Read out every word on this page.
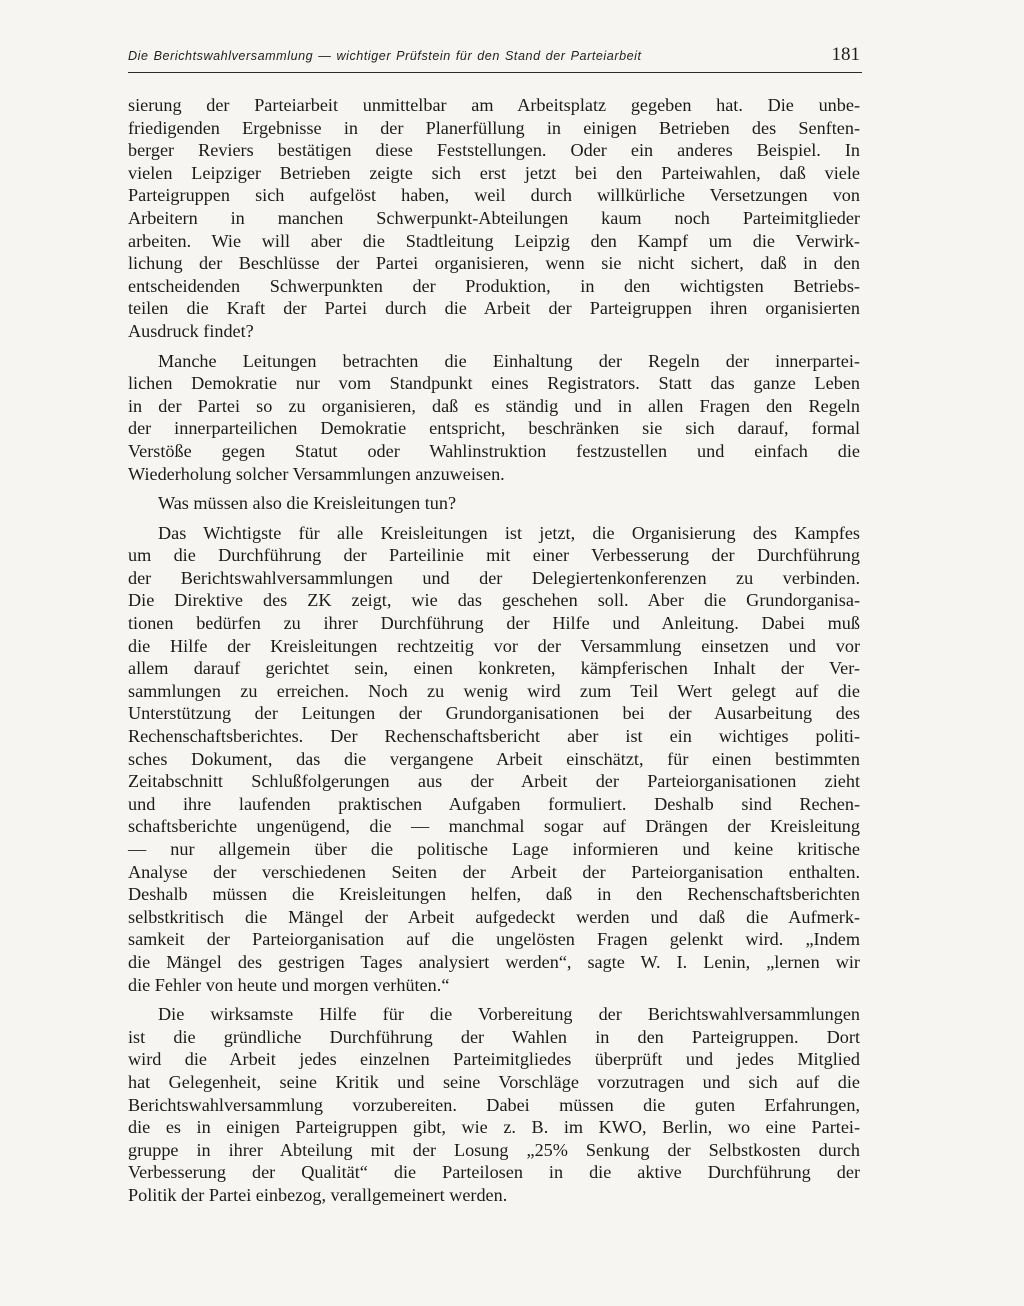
Die Berichtswahlversammlung — wichtiger Prüfstein für den Stand der Parteiarbeit	181

sierung der Parteiarbeit unmittelbar am Arbeitsplatz gegeben hat. Die unbe-
friedigenden Ergebnisse in der Planerfüllung in einigen Betrieben des Senften-
berger Reviers bestätigen diese Feststellungen. Oder ein anderes Beispiel. In
vielen Leipziger Betrieben zeigte sich erst jetzt bei den Parteiwahlen, daß viele
Parteigruppen sich aufgelöst haben, weil durch willkürliche Versetzungen von
Arbeitern in manchen Schwerpunkt-Abteilungen kaum noch Parteimitglieder
arbeiten. Wie will aber die Stadtleitung Leipzig den Kampf um die Verwirk-
lichung der Beschlüsse der Partei organisieren, wenn sie nicht sichert, daß in den
entscheidenden Schwerpunkten der Produktion, in den wichtigsten Betriebs-
teilen die Kraft der Partei durch die Arbeit der Parteigruppen ihren organisierten
Ausdruck findet?

Manche Leitungen betrachten die Einhaltung der Regeln der innerpartei-
lichen Demokratie nur vom Standpunkt eines Registrators. Statt das ganze Leben
in der Partei so zu organisieren, daß es ständig und in allen Fragen den Regeln
der innerparteilichen Demokratie entspricht, beschränken sie sich darauf, formal
Verstöße gegen Statut oder Wahlinstruktion festzustellen und einfach die
Wiederholung solcher Versammlungen anzuweisen.

Was müssen also die Kreisleitungen tun?

Das Wichtigste für alle Kreisleitungen ist jetzt, die Organisierung des Kampfes
um die Durchführung der Parteilinie mit einer Verbesserung der Durchführung
der Berichtswahlversammlungen und der Delegiertenkonferenzen zu verbinden.
Die Direktive des ZK zeigt, wie das geschehen soll. Aber die Grundorganisa-
tionen bedürfen zu ihrer Durchführung der Hilfe und Anleitung. Dabei muß
die Hilfe der Kreisleitungen rechtzeitig vor der Versammlung einsetzen und vor
allem darauf gerichtet sein, einen konkreten, kämpferischen Inhalt der Ver-
sammlungen zu erreichen. Noch zu wenig wird zum Teil Wert gelegt auf die
Unterstützung der Leitungen der Grundorganisationen bei der Ausarbeitung des
Rechenschaftsberichtes. Der Rechenschaftsbericht aber ist ein wichtiges politi-
sches Dokument, das die vergangene Arbeit einschätzt, für einen bestimmten
Zeitabschnitt Schlußfolgerungen aus der Arbeit der Parteiorganisationen zieht
und ihre laufenden praktischen Aufgaben formuliert. Deshalb sind Rechen-
schaftsberichte ungenügend, die — manchmal sogar auf Drängen der Kreisleitung
— nur allgemein über die politische Lage informieren und keine kritische
Analyse der verschiedenen Seiten der Arbeit der Parteiorganisation enthalten.
Deshalb müssen die Kreisleitungen helfen, daß in den Rechenschaftsberichten
selbstkritisch die Mängel der Arbeit aufgedeckt werden und daß die Aufmerk-
samkeit der Parteiorganisation auf die ungelösten Fragen gelenkt wird. „Indem
die Mängel des gestrigen Tages analysiert werden“, sagte W. I. Lenin, „lernen wir
die Fehler von heute und morgen verhüten.“

Die wirksamste Hilfe für die Vorbereitung der Berichtswahlversammlungen
ist die gründliche Durchführung der Wahlen in den Parteigruppen. Dort
wird die Arbeit jedes einzelnen Parteimitgliedes überprüft und jedes Mitglied
hat Gelegenheit, seine Kritik und seine Vorschläge vorzutragen und sich auf die
Berichtswahlversammlung vorzubereiten. Dabei müssen die guten Erfahrungen,
die es in einigen Parteigruppen gibt, wie z. B. im KWO, Berlin, wo eine Partei-
gruppe in ihrer Abteilung mit der Losung „25% Senkung der Selbstkosten durch
Verbesserung der Qualität“ die Parteilosen in die aktive Durchführung der
Politik der Partei einbezog, verallgemeinert werden.
